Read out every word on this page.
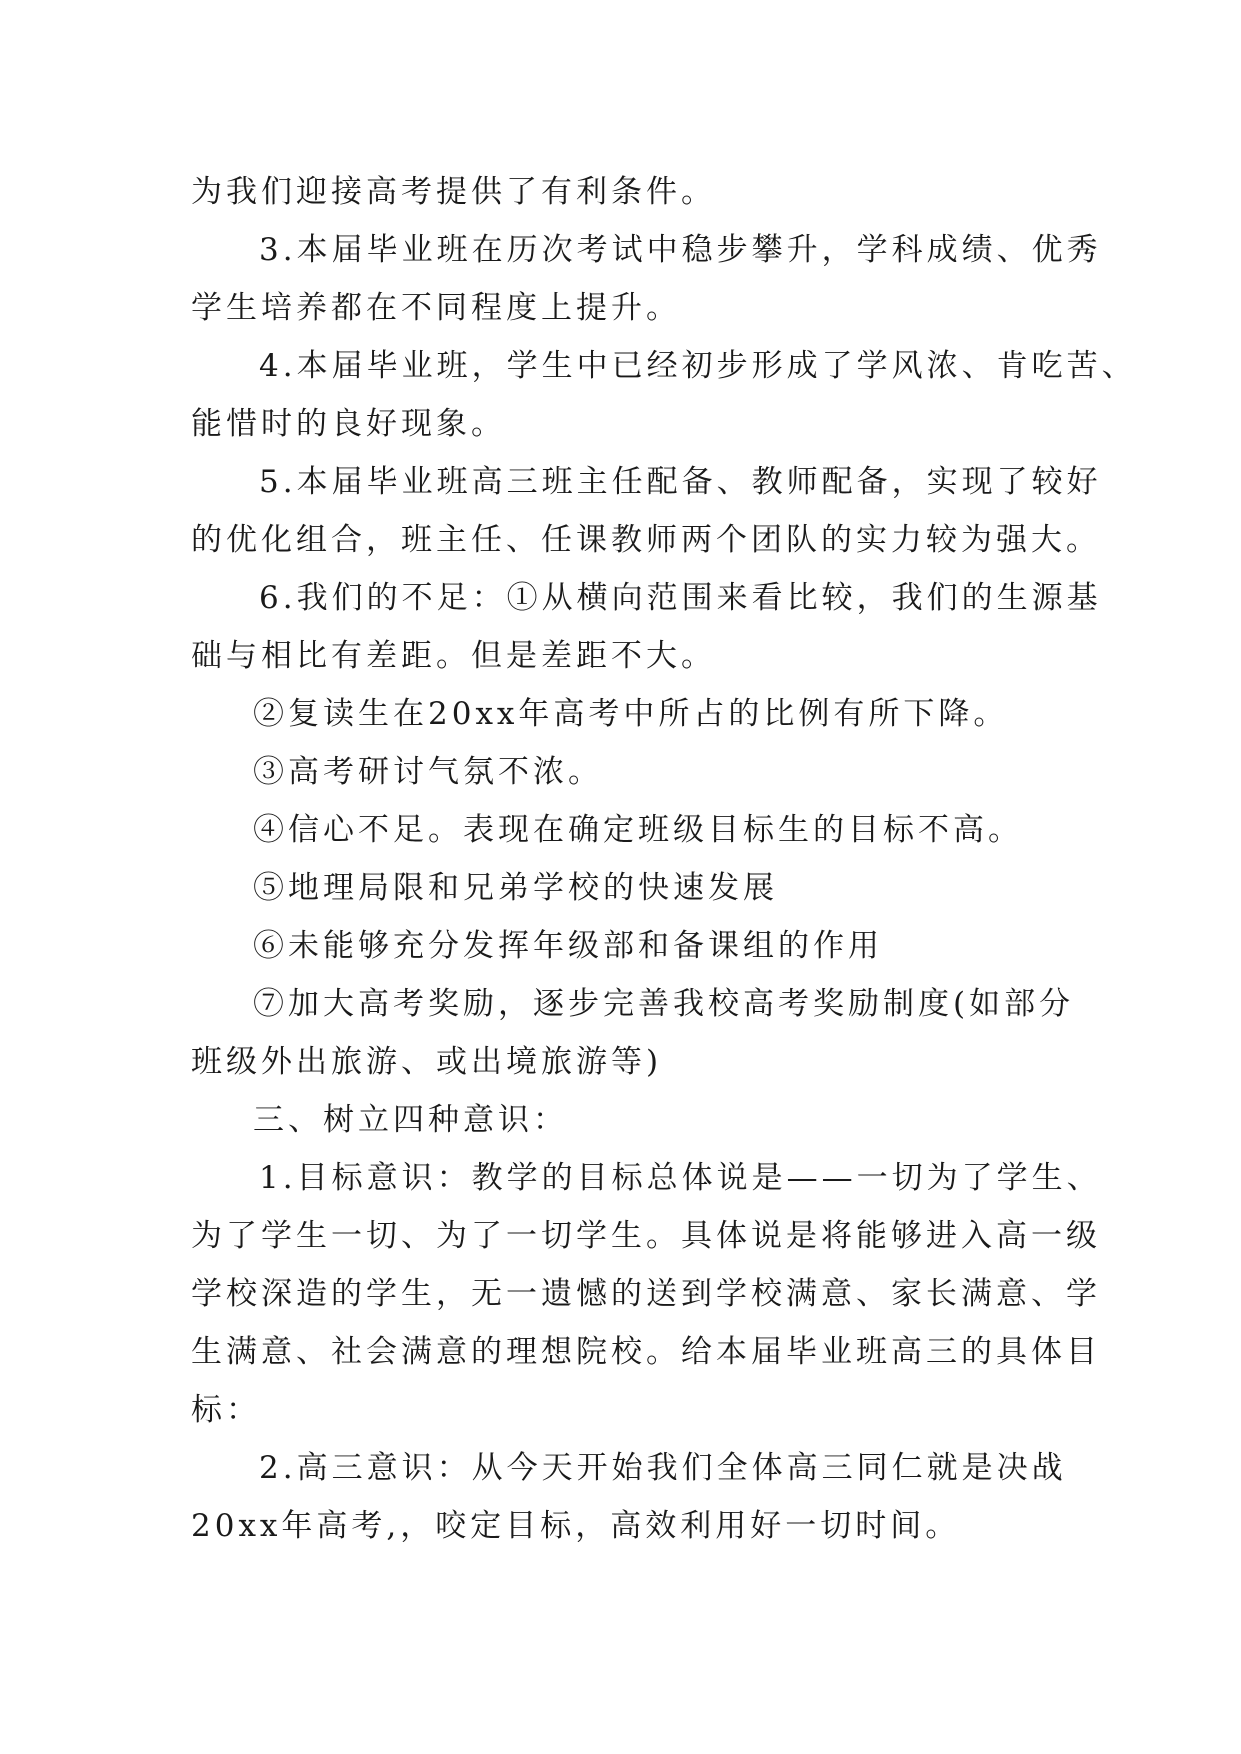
为我们迎接高考提供了有利条件。

3.本届毕业班在历次考试中稳步攀升，学科成绩、优秀

学生培养都在不同程度上提升。

4.本届毕业班，学生中已经初步形成了学风浓、肯吃苦、

能惜时的良好现象。

5.本届毕业班高三班主任配备、教师配备，实现了较好

的优化组合，班主任、任课教师两个团队的实力较为强大。

6.我们的不足：①从横向范围来看比较，我们的生源基

础与相比有差距。但是差距不大。

②复读生在20xx年高考中所占的比例有所下降。

③高考研讨气氛不浓。

④信心不足。表现在确定班级目标生的目标不高。

⑤地理局限和兄弟学校的快速发展

⑥未能够充分发挥年级部和备课组的作用

⑦加大高考奖励，逐步完善我校高考奖励制度(如部分

班级外出旅游、或出境旅游等)

三、树立四种意识：

1.目标意识：教学的目标总体说是——一切为了学生、

为了学生一切、为了一切学生。具体说是将能够进入高一级

学校深造的学生，无一遗憾的送到学校满意、家长满意、学

生满意、社会满意的理想院校。给本届毕业班高三的具体目

标：

2.高三意识：从今天开始我们全体高三同仁就是决战

20xx年高考,，咬定目标，高效利用好一切时间。
